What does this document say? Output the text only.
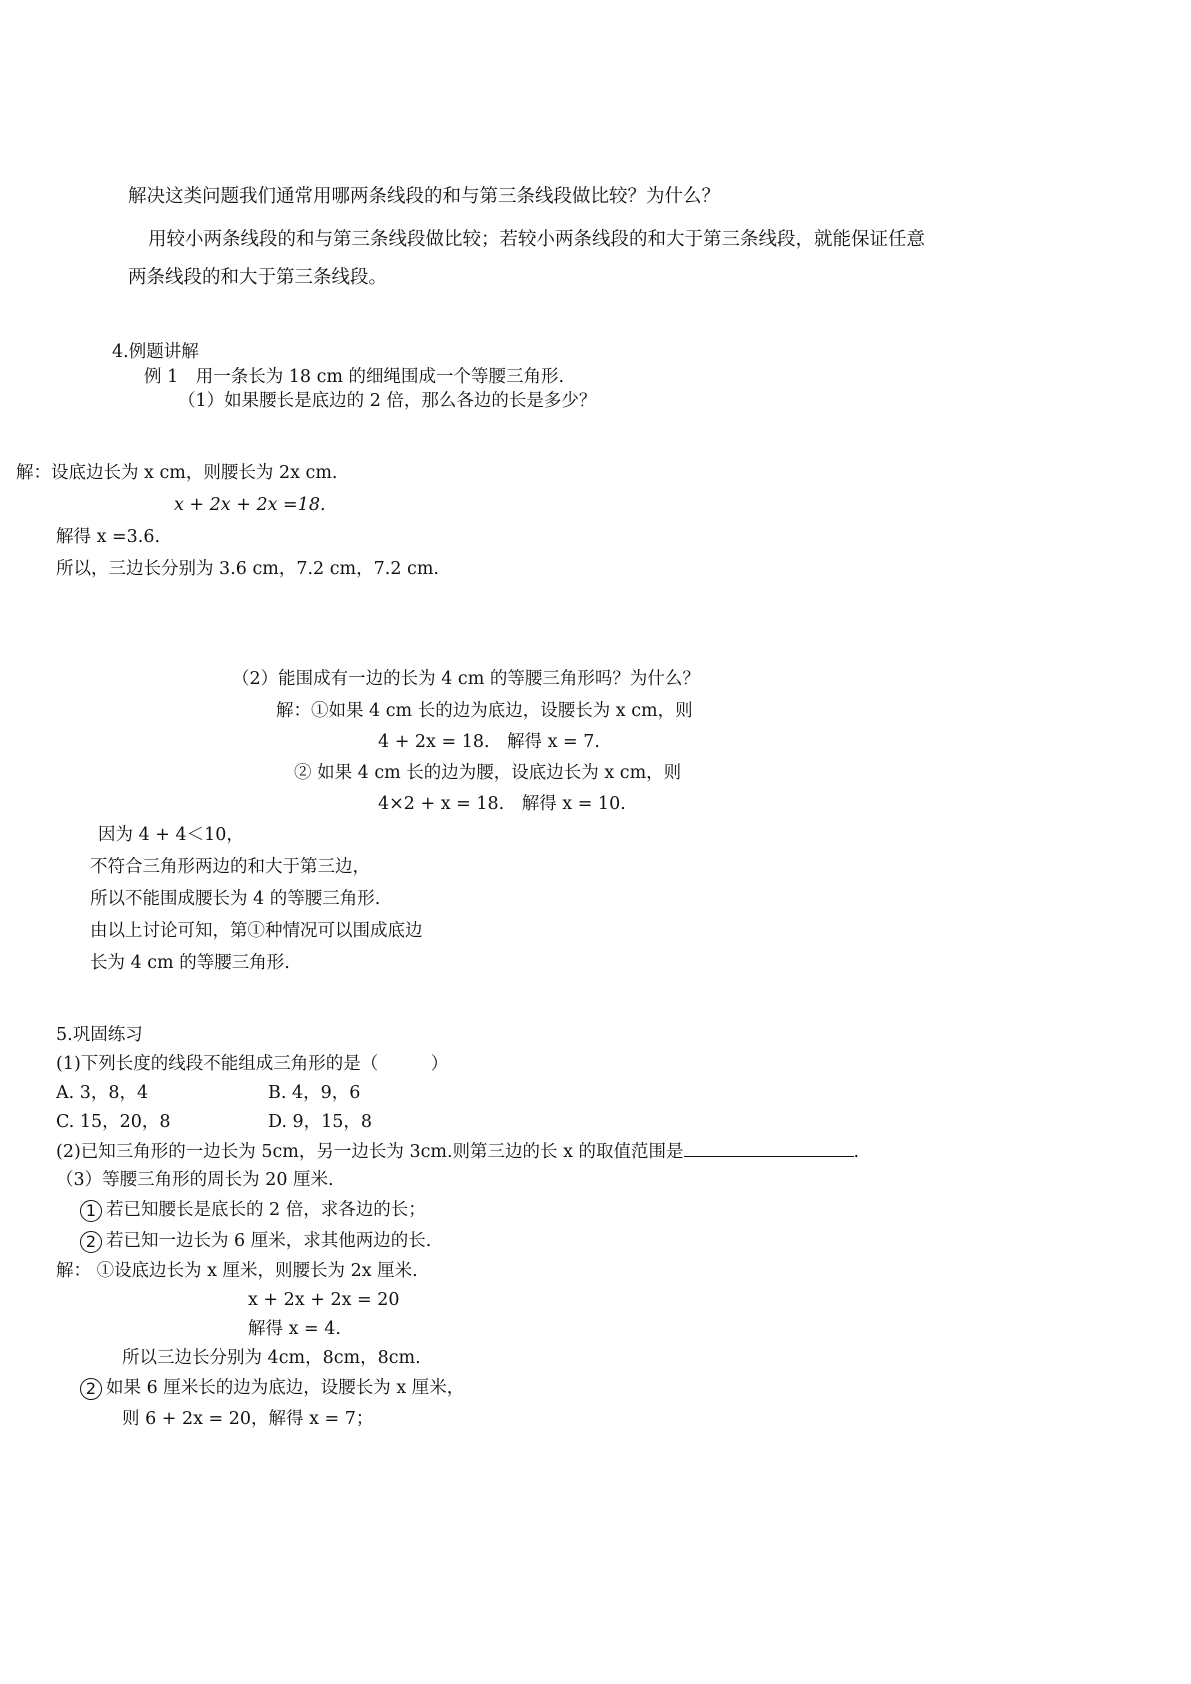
解决这类问题我们通常用哪两条线段的和与第三条线段做比较？为什么？
用较小两条线段的和与第三条线段做比较；若较小两条线段的和大于第三条线段，就能保证任意
两条线段的和大于第三条线段。
4.例题讲解
例 1　用一条长为 18 cm 的细绳围成一个等腰三角形.
（1）如果腰长是底边的 2 倍，那么各边的长是多少？
解：设底边长为 x cm，则腰长为 2x cm.
x + 2x + 2x =18.
解得 x =3.6.
所以，三边长分别为 3.6 cm，7.2 cm，7.2 cm.
（2）能围成有一边的长为 4 cm 的等腰三角形吗？为什么？
解：①如果 4 cm 长的边为底边，设腰长为 x cm，则
4 + 2x = 18.　解得 x = 7.
② 如果 4 cm 长的边为腰，设底边长为 x cm，则
4×2 + x = 18.　解得 x = 10.
因为 4 + 4＜10，
不符合三角形两边的和大于第三边，
所以不能围成腰长为 4 的等腰三角形.
由以上讨论可知，第①种情况可以围成底边
长为 4 cm 的等腰三角形.
5.巩固练习
(1)下列长度的线段不能组成三角形的是（　　　）
A. 3，8，4	B. 4，9，6
C. 15，20，8	D. 9，15，8
(2)已知三角形的一边长为 5cm，另一边长为 3cm.则第三边的长 x 的取值范围是	.
（3）等腰三角形的周长为 20 厘米.
1 若已知腰长是底长的 2 倍，求各边的长；
2 若已知一边长为 6 厘米，求其他两边的长.
解： ①设底边长为 x 厘米，则腰长为 2x 厘米.
x + 2x + 2x = 20
解得 x = 4.
所以三边长分别为 4cm，8cm，8cm.
2 如果 6 厘米长的边为底边，设腰长为 x 厘米，
则 6 + 2x = 20，解得 x = 7；
